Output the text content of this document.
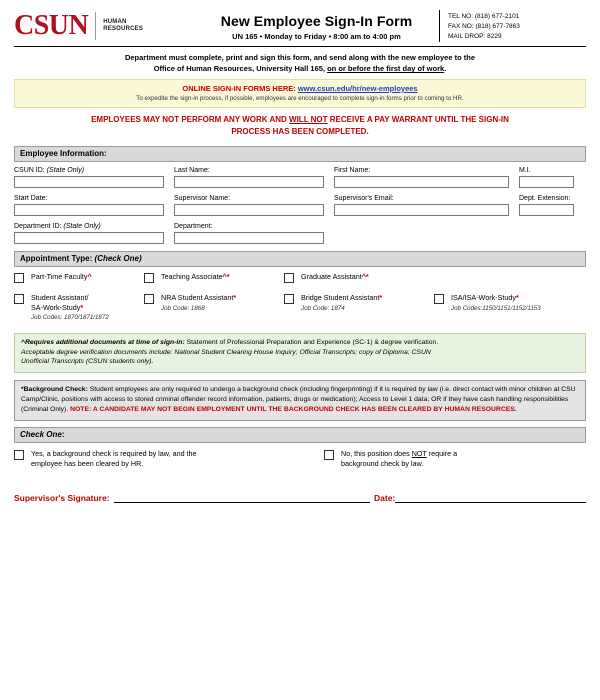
CSUN	HUMAN
RESOURCES
New Employee Sign-In Form
UN 165 • Monday to Friday • 8:00 am to 4:00 pm
TEL NO: (818) 677-2101
FAX NO: (818) 677-7863
MAIL DROP: 8229
Department must complete, print and sign this form, and send along with the new employee to the
Office of Human Resources, University Hall 165, on or before the first day of work.
ONLINE SIGN-IN FORMS HERE: www.csun.edu/hr/new-employees
To expedite the sign-in process, if possible, employees are encouraged to complete sign-in forms prior to coming to HR.
EMPLOYEES MAY NOT PERFORM ANY WORK AND WILL NOT RECEIVE A PAY WARRANT UNTIL THE SIGN-IN
PROCESS HAS BEEN COMPLETED.
Employee Information:
CSUN ID: (State Only)	Last Name:	First Name:	M.I.
Start Date:	Supervisor Name:	Supervisor's Email:	Dept. Extension:
Department ID: (State Only)	Department:
Appointment Type: (Check One)
Part-Time Faculty^	Teaching Associate^*	Graduate Assistant^*
Student Assistant/
SA-Work-Study*
Job Codes: 1870/1871/1872
NRA Student Assistant*
Job Code: 1868
Bridge Student Assistant*
Job Code: 1874
ISA/ISA-Work-Study*
Job Codes:1150/1151/1152/1153
^Requires additional documents at time of sign-in: Statement of Professional Preparation and Experience (SC-1) & degree verification.
Acceptable degree verification documents include: National Student Clearing House Inquiry; Official Transcripts; copy of Diploma; CSUN
Unofficial Transcripts (CSUN students only).
*Background Check: Student employees are only required to undergo a background check (including fingerprinting) if it is required by law (i.e. direct contact with minor children at CSU Camp/Clinic, positions with access to stored criminal offender record information, patients, drugs or medication); Access to Level 1 data; OR if they have cash handling responsibilities (Criminal Only). NOTE: A CANDIDATE MAY NOT BEGIN EMPLOYMENT UNTIL THE BACKGROUND CHECK HAS BEEN CLEARED BY HUMAN RESOURCES.
Check One:
Yes, a background check is required by law, and the
employee has been cleared by HR.
No, this position does NOT require a
background check by law.
Supervisor's Signature:	Date:
